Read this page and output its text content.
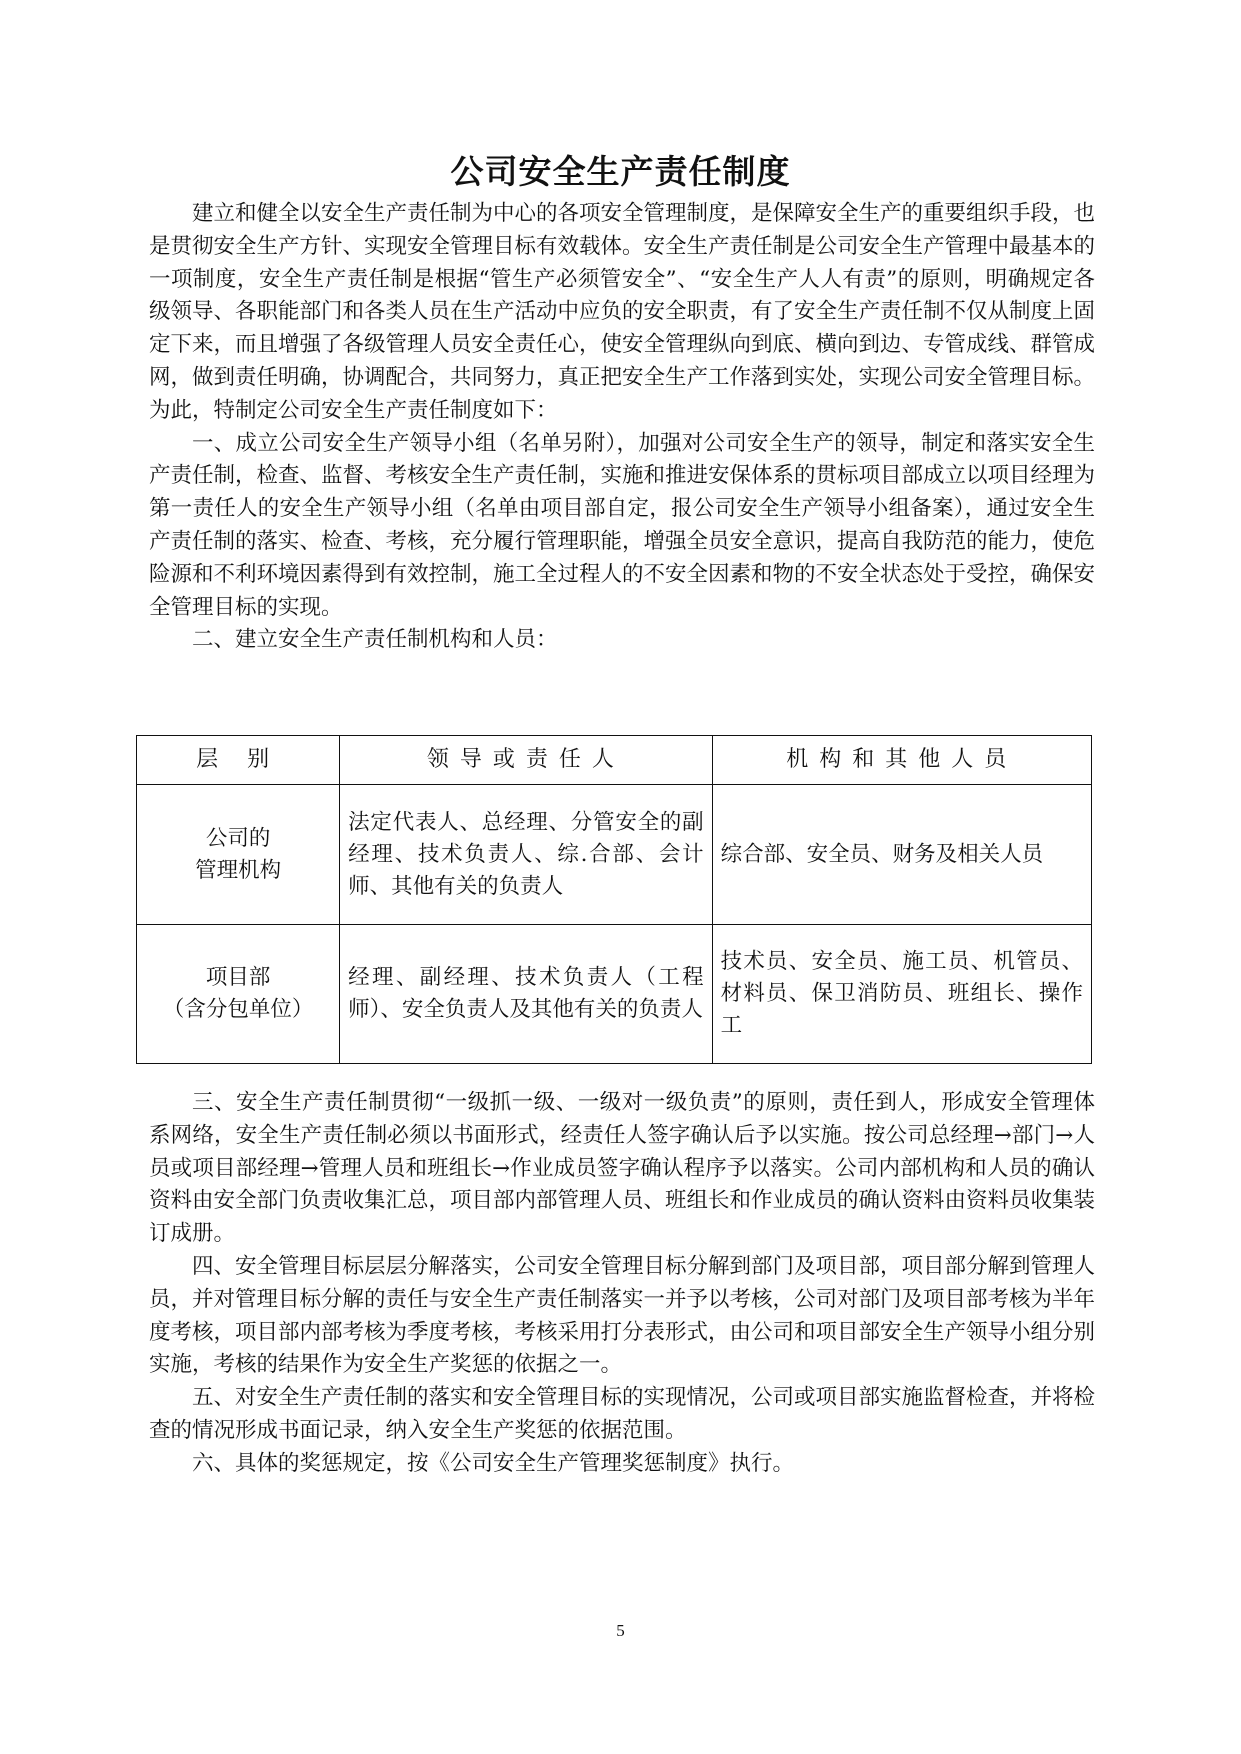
公司安全生产责任制度

建立和健全以安全生产责任制为中心的各项安全管理制度，是保障安全生产的重要组织手段，也是贯彻安全生产方针、实现安全管理目标有效载体。安全生产责任制是公司安全生产管理中最基本的一项制度，安全生产责任制是根据“管生产必须管安全”、“安全生产人人有责”的原则，明确规定各级领导、各职能部门和各类人员在生产活动中应负的安全职责，有了安全生产责任制不仅从制度上固定下来，而且增强了各级管理人员安全责任心，使安全管理纵向到底、横向到边、专管成线、群管成网，做到责任明确，协调配合，共同努力，真正把安全生产工作落到实处，实现公司安全管理目标。为此，特制定公司安全生产责任制度如下：

一、成立公司安全生产领导小组（名单另附），加强对公司安全生产的领导，制定和落实安全生产责任制，检查、监督、考核安全生产责任制，实施和推进安保体系的贯标项目部成立以项目经理为第一责任人的安全生产领导小组（名单由项目部自定，报公司安全生产领导小组备案），通过安全生产责任制的落实、检查、考核，充分履行管理职能，增强全员安全意识，提高自我防范的能力，使危险源和不利环境因素得到有效控制，施工全过程人的不安全因素和物的不安全状态处于受控，确保安全管理目标的实现。

二、建立安全生产责任制机构和人员：

层 别	领导或责任人	机构和其他人员

公司的
管理机构	法定代表人、总经理、分管安全的副经理、技术负责人、综.合部、会计师、其他有关的负责人	综合部、安全员、财务及相关人员

项目部
（含分包单位）	经理、副经理、技术负责人（工程师）、安全负责人及其他有关的负责人	技术员、安全员、施工员、机管员、材料员、保卫消防员、班组长、操作工

三、安全生产责任制贯彻“一级抓一级、一级对一级负责”的原则，责任到人，形成安全管理体系网络，安全生产责任制必须以书面形式，经责任人签字确认后予以实施。按公司总经理→部门→人员或项目部经理→管理人员和班组长→作业成员签字确认程序予以落实。公司内部机构和人员的确认资料由安全部门负责收集汇总，项目部内部管理人员、班组长和作业成员的确认资料由资料员收集装订成册。

四、安全管理目标层层分解落实，公司安全管理目标分解到部门及项目部，项目部分解到管理人员，并对管理目标分解的责任与安全生产责任制落实一并予以考核，公司对部门及项目部考核为半年度考核，项目部内部考核为季度考核，考核采用打分表形式，由公司和项目部安全生产领导小组分别实施，考核的结果作为安全生产奖惩的依据之一。

五、对安全生产责任制的落实和安全管理目标的实现情况，公司或项目部实施监督检查，并将检查的情况形成书面记录，纳入安全生产奖惩的依据范围。

六、具体的奖惩规定，按《公司安全生产管理奖惩制度》执行。

5
